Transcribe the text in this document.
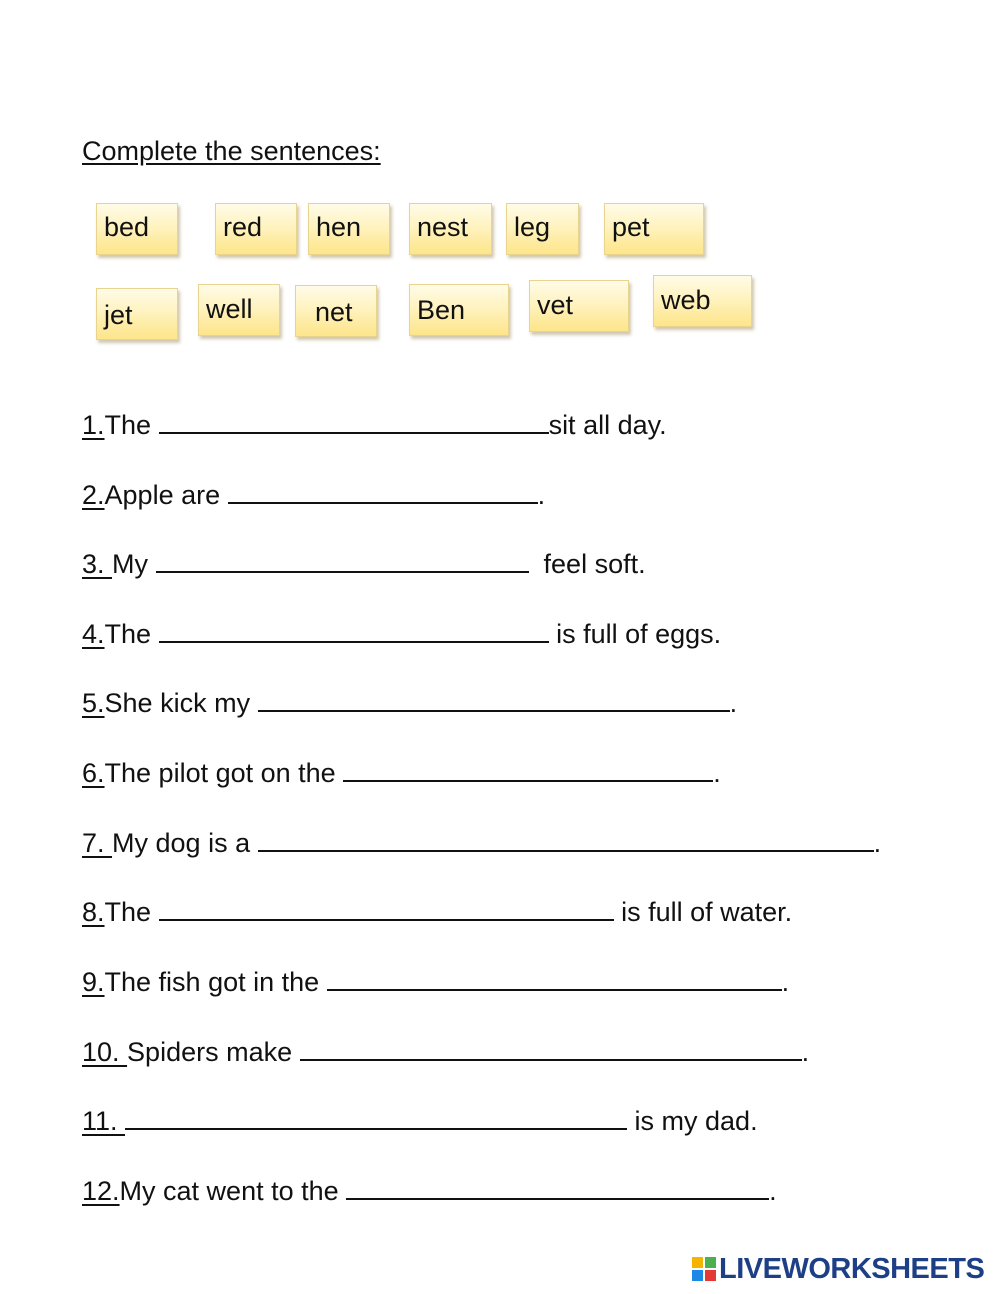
Complete the sentences:
bed	red	hen	nest	leg	pet
jet	well	net	Ben	vet	web
1.The	sit all day.
2.Apple are	.
3. My	feel soft.
4.The	is full of eggs.
5.She kick my	.
6.The pilot got on the	.
7. My dog is a	.
8.The	is full of water.
9.The fish got in the	.
10. Spiders make	.
11.	is my dad.
12.My cat went to the	.
LIVEWORKSHEETS
